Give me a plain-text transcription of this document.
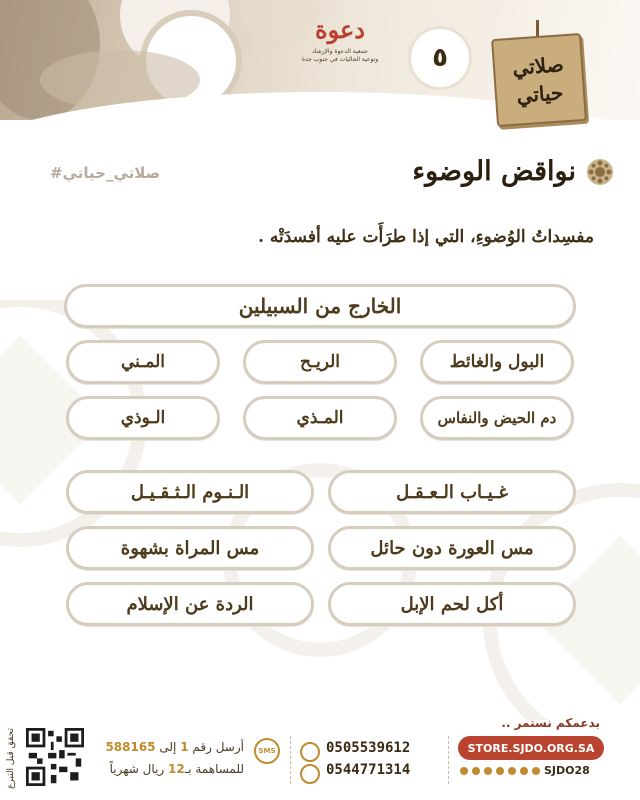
٥
دعوة
جمعية الدعوة والإرشاد
وتوعية الجاليات في جنوب جدة	صلاتي
حياتي
نواقض الوضوء
#صلاتي_حياتي
مفسِداتُ الوُضوءِ، التي إذا طرَأَت عليه أفسدَتْه .
الخارج من السبيلين
البول والغائط
الريـح
المـني
دم الحيض والنفاس
المـذي
الـوذي
غـيـاب الـعـقـل
الـنـوم الـثـقـيـل
مس العورة دون حائل
مس المراة بشهوة
أكل لحم الإبل
الردة عن الإسلام
تحقق قبل التبرع	أرسل رقم 1 إلى 588165
للمساهمة بـ12 ريال شهرياً
SMS	0505539612
0544771314
بدعمكم نستمر ..
STORE.SJDO.ORG.SA
SJDO28
